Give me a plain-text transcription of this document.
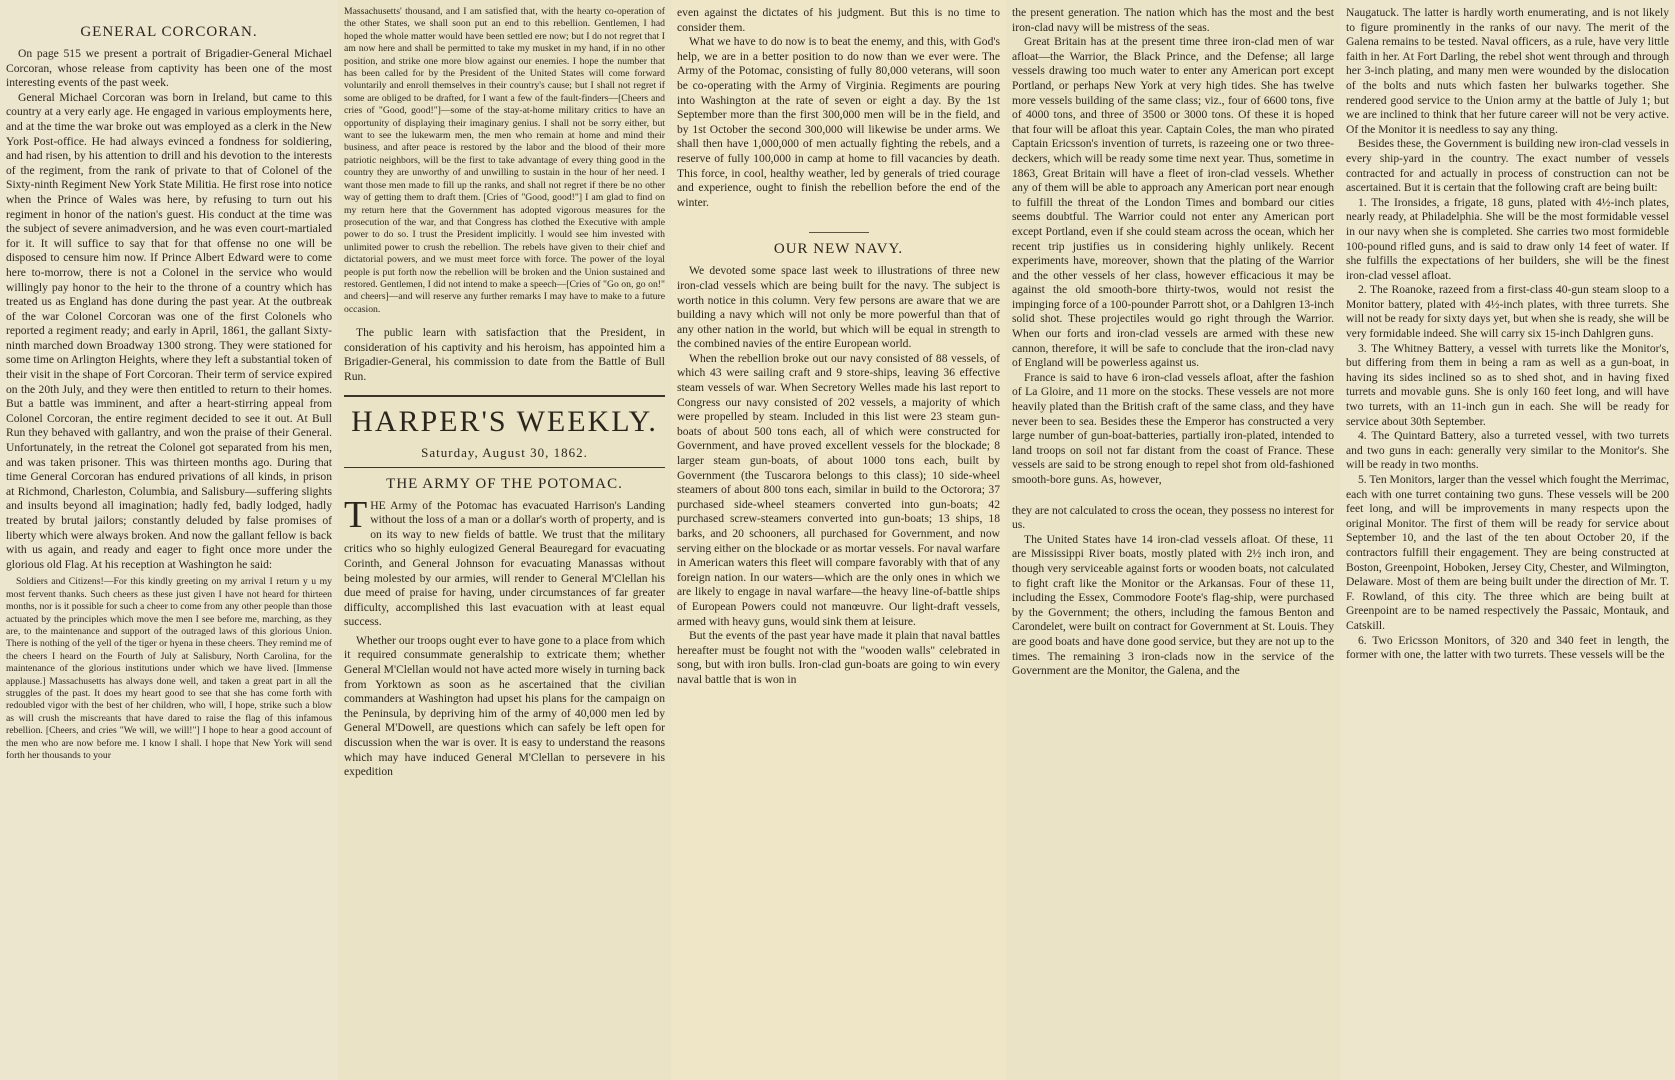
GENERAL CORCORAN.

On page 515 we present a portrait of Brigadier-General Michael Corcoran, whose release from captivity has been one of the most interesting events of the past week.

General Michael Corcoran was born in Ireland, but came to this country at a very early age. He engaged in various employments here, and at the time the war broke out was employed as a clerk in the New York Post-office. He had always evinced a fondness for soldiering, and had risen, by his attention to drill and his devotion to the interests of the regiment, from the rank of private to that of Colonel of the Sixty-ninth Regiment New York State Militia. He first rose into notice when the Prince of Wales was here, by refusing to turn out his regiment in honor of the nation's guest. His conduct at the time was the subject of severe animadversion, and he was even court-martialed for it. It will suffice to say that for that offense no one will be disposed to censure him now. If Prince Albert Edward were to come here to-morrow, there is not a Colonel in the service who would willingly pay honor to the heir to the throne of a country which has treated us as England has done during the past year. At the outbreak of the war Colonel Corcoran was one of the first Colonels who reported a regiment ready; and early in April, 1861, the gallant Sixty-ninth marched down Broadway 1300 strong. They were stationed for some time on Arlington Heights, where they left a substantial token of their visit in the shape of Fort Corcoran. Their term of service expired on the 20th July, and they were then entitled to return to their homes. But a battle was imminent, and after a heart-stirring appeal from Colonel Corcoran, the entire regiment decided to see it out. At Bull Run they behaved with gallantry, and won the praise of their General. Unfortunately, in the retreat the Colonel got separated from his men, and was taken prisoner. This was thirteen months ago. During that time General Corcoran has endured privations of all kinds, in prison at Richmond, Charleston, Columbia, and Salisbury—suffering slights and insults beyond all imagination; hadly fed, badly lodged, hadly treated by brutal jailors; constantly deluded by false promises of liberty which were always broken. And now the gallant fellow is back with us again, and ready and eager to fight once more under the glorious old Flag. At his reception at Washington he said:

Soldiers and Citizens!—For this kindly greeting on my arrival I return y u my most fervent thanks. Such cheers as these just given I have not heard for thirteen months, nor is it possible for such a cheer to come from any other people than those actuated by the principles which move the men I see before me, marching, as they are, to the maintenance and support of the outraged laws of this glorious Union. There is nothing of the yell of the tiger or hyena in these cheers. They remind me of the cheers I heard on the Fourth of July at Salisbury, North Carolina, for the maintenance of the glorious institutions under which we have lived. [Immense applause.] Massachusetts has always done well, and taken a great part in all the struggles of the past. It does my heart good to see that she has come forth with redoubled vigor with the best of her children, who will, I hope, strike such a blow as will crush the miscreants that have dared to raise the flag of this infamous rebellion. [Cheers, and cries "We will, we will!"] I hope to hear a good account of the men who are now before me. I know I shall. I hope that New York will send forth her thousands to your

Massachusetts' thousand, and I am satisfied that, with the hearty co-operation of the other States, we shall soon put an end to this rebellion. Gentlemen, I had hoped the whole matter would have been settled ere now; but I do not regret that I am now here and shall be permitted to take my musket in my hand, if in no other position, and strike one more blow against our enemies. I hope the number that has been called for by the President of the United States will come forward voluntarily and enroll themselves in their country's cause; but I shall not regret if some are obliged to be drafted, for I want a few of the fault-finders—[Cheers and cries of "Good, good!"]—some of the stay-at-home military critics to have an opportunity of displaying their imaginary genius. I shall not be sorry either, but want to see the lukewarm men, the men who remain at home and mind their business, and after peace is restored by the labor and the blood of their more patriotic neighbors, will be the first to take advantage of every thing good in the country they are unworthy of and unwilling to sustain in the hour of her need. I want those men made to fill up the ranks, and shall not regret if there be no other way of getting them to draft them. [Cries of "Good, good!"] I am glad to find on my return here that the Government has adopted vigorous measures for the prosecution of the war, and that Congress has clothed the Executive with ample power to do so. I trust the President implicitly. I would see him invested with unlimited power to crush the rebellion. The rebels have given to their chief and dictatorial powers, and we must meet force with force. The power of the loyal people is put forth now the rebellion will be broken and the Union sustained and restored. Gentlemen, I did not intend to make a speech—[Cries of "Go on, go on!" and cheers]—and will reserve any further remarks I may have to make to a future occasion.

The public learn with satisfaction that the President, in consideration of his captivity and his heroism, has appointed him a Brigadier-General, his commission to date from the Battle of Bull Run.

HARPER'S WEEKLY.
Saturday, August 30, 1862.
THE ARMY OF THE POTOMAC.
T HE Army of the Potomac has evacuated Harrison's Landing without the loss of a man or a dollar's worth of property, and is on its way to new fields of battle. We trust that the military critics who so highly eulogized General Beauregard for evacuating Corinth, and General Johnson for evacuating Manassas without being molested by our armies, will render to General M'Clellan his due meed of praise for having, under circumstances of far greater difficulty, accomplished this last evacuation with at least equal success.

Whether our troops ought ever to have gone to a place from which it required consummate generalship to extricate them; whether General M'Clellan would not have acted more wisely in turning back from Yorktown as soon as he ascertained that the civilian commanders at Washington had upset his plans for the campaign on the Peninsula, by depriving him of the army of 40,000 men led by General M'Dowell, are questions which can safely be left open for discussion when the war is over. It is easy to understand the reasons which may have induced General M'Clellan to persevere in his expedition

even against the dictates of his judgment. But this is no time to consider them.

What we have to do now is to beat the enemy, and this, with God's help, we are in a better position to do now than we ever were. The Army of the Potomac, consisting of fully 80,000 veterans, will soon be co-operating with the Army of Virginia. Regiments are pouring into Washington at the rate of seven or eight a day. By the 1st September more than the first 300,000 men will be in the field, and by 1st October the second 300,000 will likewise be under arms. We shall then have 1,000,000 of men actually fighting the rebels, and a reserve of fully 100,000 in camp at home to fill vacancies by death. This force, in cool, healthy weather, led by generals of tried courage and experience, ought to finish the rebellion before the end of the winter.

OUR NEW NAVY.

We devoted some space last week to illustrations of three new iron-clad vessels which are being built for the navy. The subject is worth notice in this column. Very few persons are aware that we are building a navy which will not only be more powerful than that of any other nation in the world, but which will be equal in strength to the combined navies of the entire European world.

When the rebellion broke out our navy consisted of 88 vessels, of which 43 were sailing craft and 9 store-ships, leaving 36 effective steam vessels of war. When Secretory Welles made his last report to Congress our navy consisted of 202 vessels, a majority of which were propelled by steam. Included in this list were 23 steam gun-boats of about 500 tons each, all of which were constructed for Government, and have proved excellent vessels for the blockade; 8 larger steam gun-boats, of about 1000 tons each, built by Government (the Tuscarora belongs to this class); 10 side-wheel steamers of about 800 tons each, similar in build to the Octorora; 37 purchased side-wheel steamers converted into gun-boats; 42 purchased screw-steamers converted into gun-boats; 13 ships, 18 barks, and 20 schooners, all purchased for Government, and now serving either on the blockade or as mortar vessels. For naval warfare in American waters this fleet will compare favorably with that of any foreign nation. In our waters—which are the only ones in which we are likely to engage in naval warfare—the heavy line-of-battle ships of European Powers could not manœuvre. Our light-draft vessels, armed with heavy guns, would sink them at leisure.

But the events of the past year have made it plain that naval battles hereafter must be fought not with the "wooden walls" celebrated in song, but with iron bulls. Iron-clad gun-boats are going to win every naval battle that is won in

the present generation. The nation which has the most and the best iron-clad navy will be mistress of the seas.

Great Britain has at the present time three iron-clad men of war afloat—the Warrior, the Black Prince, and the Defense; all large vessels drawing too much water to enter any American port except Portland, or perhaps New York at very high tides. She has twelve more vessels building of the same class; viz., four of 6600 tons, five of 4000 tons, and three of 3500 or 3000 tons. Of these it is hoped that four will be afloat this year. Captain Coles, the man who pirated Captain Ericsson's invention of turrets, is razeeing one or two three-deckers, which will be ready some time next year. Thus, sometime in 1863, Great Britain will have a fleet of iron-clad vessels. Whether any of them will be able to approach any American port near enough to fulfill the threat of the London Times and bombard our cities seems doubtful. The Warrior could not enter any American port except Portland, even if she could steam across the ocean, which her recent trip justifies us in considering highly unlikely. Recent experiments have, moreover, shown that the plating of the Warrior and the other vessels of her class, however efficacious it may be against the old smooth-bore thirty-twos, would not resist the impinging force of a 100-pounder Parrott shot, or a Dahlgren 13-inch solid shot. These projectiles would go right through the Warrior. When our forts and iron-clad vessels are armed with these new cannon, therefore, it will be safe to conclude that the iron-clad navy of England will be powerless against us.

France is said to have 6 iron-clad vessels afloat, after the fashion of La Gloire, and 11 more on the stocks. These vessels are not more heavily plated than the British craft of the same class, and they have never been to sea. Besides these the Emperor has constructed a very large number of gun-boat-batteries, partially iron-plated, intended to land troops on soil not far distant from the coast of France. These vessels are said to be strong enough to repel shot from old-fashioned smooth-bore guns. As, however,

they are not calculated to cross the ocean, they possess no interest for us.

The United States have 14 iron-clad vessels afloat. Of these, 11 are Mississippi River boats, mostly plated with 2½ inch iron, and though very serviceable against forts or wooden boats, not calculated to fight craft like the Monitor or the Arkansas. Four of these 11, including the Essex, Commodore Foote's flag-ship, were purchased by the Government; the others, including the famous Benton and Carondelet, were built on contract for Government at St. Louis. They are good boats and have done good service, but they are not up to the times. The remaining 3 iron-clads now in the service of the Government are the Monitor, the Galena, and the

Naugatuck. The latter is hardly worth enumerating, and is not likely to figure prominently in the ranks of our navy. The merit of the Galena remains to be tested. Naval officers, as a rule, have very little faith in her. At Fort Darling, the rebel shot went through and through her 3-inch plating, and many men were wounded by the dislocation of the bolts and nuts which fasten her bulwarks together. She rendered good service to the Union army at the battle of July 1; but we are inclined to think that her future career will not be very active. Of the Monitor it is needless to say any thing.

Besides these, the Government is building new iron-clad vessels in every ship-yard in the country. The exact number of vessels contracted for and actually in process of construction can not be ascertained. But it is certain that the following craft are being built:

1. The Ironsides, a frigate, 18 guns, plated with 4½-inch plates, nearly ready, at Philadelphia. She will be the most formidable vessel in our navy when she is completed. She carries two most formideble 100-pound rifled guns, and is said to draw only 14 feet of water. If she fulfills the expectations of her builders, she will be the finest iron-clad vessel afloat.

2. The Roanoke, razeed from a first-class 40-gun steam sloop to a Monitor battery, plated with 4½-inch plates, with three turrets. She will not be ready for sixty days yet, but when she is ready, she will be very formidable indeed. She will carry six 15-inch Dahlgren guns.

3. The Whitney Battery, a vessel with turrets like the Monitor's, but differing from them in being a ram as well as a gun-boat, in having its sides inclined so as to shed shot, and in having fixed turrets and movable guns. She is only 160 feet long, and will have two turrets, with an 11-inch gun in each. She will be ready for service about 30th September.

4. The Quintard Battery, also a turreted vessel, with two turrets and two guns in each: generally very similar to the Monitor's. She will be ready in two months.

5. Ten Monitors, larger than the vessel which fought the Merrimac, each with one turret containing two guns. These vessels will be 200 feet long, and will be improvements in many respects upon the original Monitor. The first of them will be ready for service about September 10, and the last of the ten about October 20, if the contractors fulfill their engagement. They are being constructed at Boston, Greenpoint, Hoboken, Jersey City, Chester, and Wilmington, Delaware. Most of them are being built under the direction of Mr. T. F. Rowland, of this city. The three which are being built at Greenpoint are to be named respectively the Passaic, Montauk, and Catskill.

6. Two Ericsson Monitors, of 320 and 340 feet in length, the former with one, the latter with two turrets. These vessels will be the
